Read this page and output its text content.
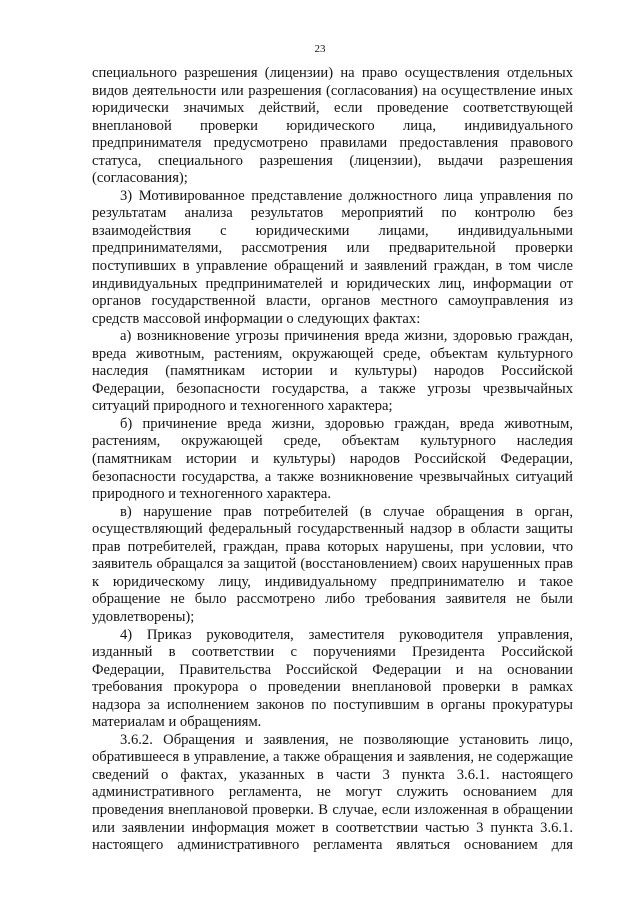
23
специального разрешения (лицензии) на право осуществления отдельных
видов деятельности или разрешения (согласования) на осуществление иных
юридически значимых действий, если проведение соответствующей
внеплановой проверки юридического лица, индивидуального
предпринимателя предусмотрено правилами предоставления правового
статуса, специального разрешения (лицензии), выдачи разрешения
(согласования);
3) Мотивированное представление должностного лица управления по
результатам анализа результатов мероприятий по контролю без
взаимодействия с юридическими лицами, индивидуальными
предпринимателями, рассмотрения или предварительной проверки
поступивших в управление обращений и заявлений граждан, в том числе
индивидуальных предпринимателей и юридических лиц, информации от
органов государственной власти, органов местного самоуправления из
средств массовой информации о следующих фактах:
а) возникновение угрозы причинения вреда жизни, здоровью граждан,
вреда животным, растениям, окружающей среде, объектам культурного
наследия (памятникам истории и культуры) народов Российской
Федерации, безопасности государства, а также угрозы чрезвычайных
ситуаций природного и техногенного характера;
б) причинение вреда жизни, здоровью граждан, вреда животным,
растениям, окружающей среде, объектам культурного наследия
(памятникам истории и культуры) народов Российской Федерации,
безопасности государства, а также возникновение чрезвычайных ситуаций
природного и техногенного характера.
в) нарушение прав потребителей (в случае обращения в орган,
осуществляющий федеральный государственный надзор в области защиты
прав потребителей, граждан, права которых нарушены, при условии, что
заявитель обращался за защитой (восстановлением) своих нарушенных прав
к юридическому лицу, индивидуальному предпринимателю и такое
обращение не было рассмотрено либо требования заявителя не были
удовлетворены);
4) Приказ руководителя, заместителя руководителя управления,
изданный в соответствии с поручениями Президента Российской
Федерации, Правительства Российской Федерации и на основании
требования прокурора о проведении внеплановой проверки в рамках
надзора за исполнением законов по поступившим в органы прокуратуры
материалам и обращениям.
3.6.2. Обращения и заявления, не позволяющие установить лицо,
обратившееся в управление, а также обращения и заявления, не содержащие
сведений о фактах, указанных в части 3 пункта 3.6.1. настоящего
административного регламента, не могут служить основанием для
проведения внеплановой проверки. В случае, если изложенная в обращении
или заявлении информация может в соответствии частью 3 пункта 3.6.1.
настоящего административного регламента являться основанием для
